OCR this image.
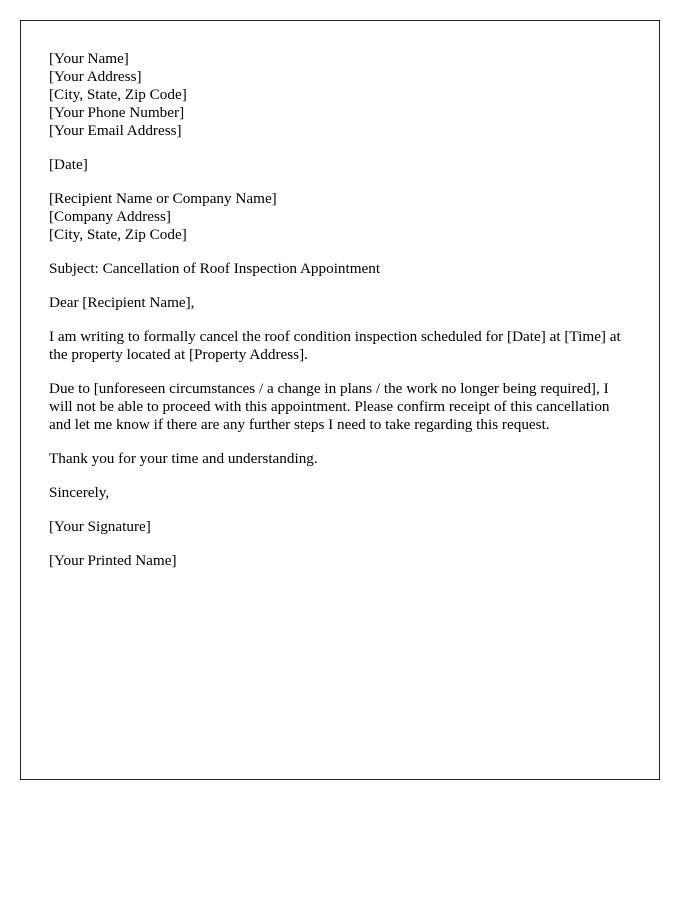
[Your Name]
[Your Address]
[City, State, Zip Code]
[Your Phone Number]
[Your Email Address]
[Date]
[Recipient Name or Company Name]
[Company Address]
[City, State, Zip Code]

Subject: Cancellation of Roof Inspection Appointment

Dear [Recipient Name],

I am writing to formally cancel the roof condition inspection scheduled for [Date] at [Time] at the property located at [Property Address].

Due to [unforeseen circumstances / a change in plans / the work no longer being required], I will not be able to proceed with this appointment. Please confirm receipt of this cancellation and let me know if there are any further steps I need to take regarding this request.

Thank you for your time and understanding.

Sincerely,

[Your Signature]

[Your Printed Name]
